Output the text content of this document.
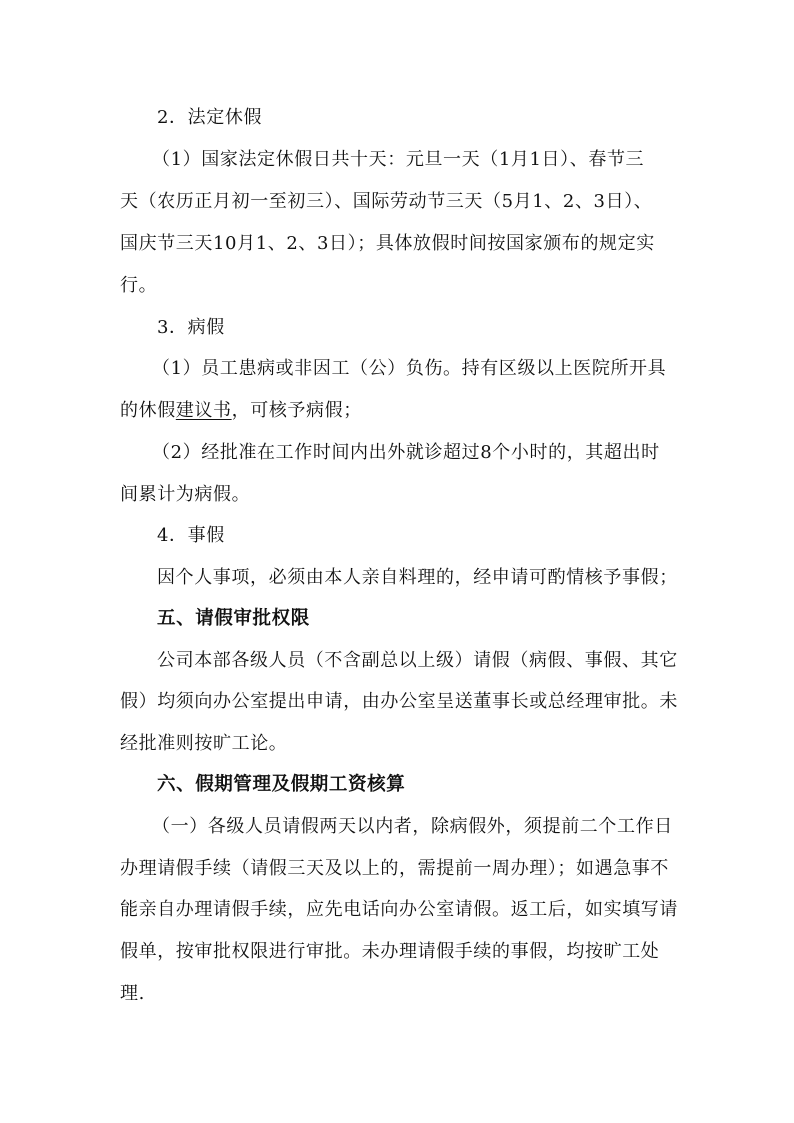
2．法定休假

（1）国家法定休假日共十天：元旦一天（1月1日）、春节三

天（农历正月初一至初三）、国际劳动节三天（5月1、2、3日）、

国庆节三天10月1、2、3日）；具体放假时间按国家颁布的规定实

行。

3．病假

（1）员工患病或非因工（公）负伤。持有区级以上医院所开具

的休假建议书，可核予病假；

（2）经批准在工作时间内出外就诊超过8个小时的，其超出时

间累计为病假。

4．事假

因个人事项，必须由本人亲自料理的，经申请可酌情核予事假；

五、请假审批权限

公司本部各级人员（不含副总以上级）请假（病假、事假、其它

假）均须向办公室提出申请，由办公室呈送董事长或总经理审批。未

经批准则按旷工论。

六、假期管理及假期工资核算

（一）各级人员请假两天以内者，除病假外，须提前二个工作日

办理请假手续（请假三天及以上的，需提前一周办理）；如遇急事不

能亲自办理请假手续，应先电话向办公室请假。返工后，如实填写请

假单，按审批权限进行审批。未办理请假手续的事假，均按旷工处

理.
